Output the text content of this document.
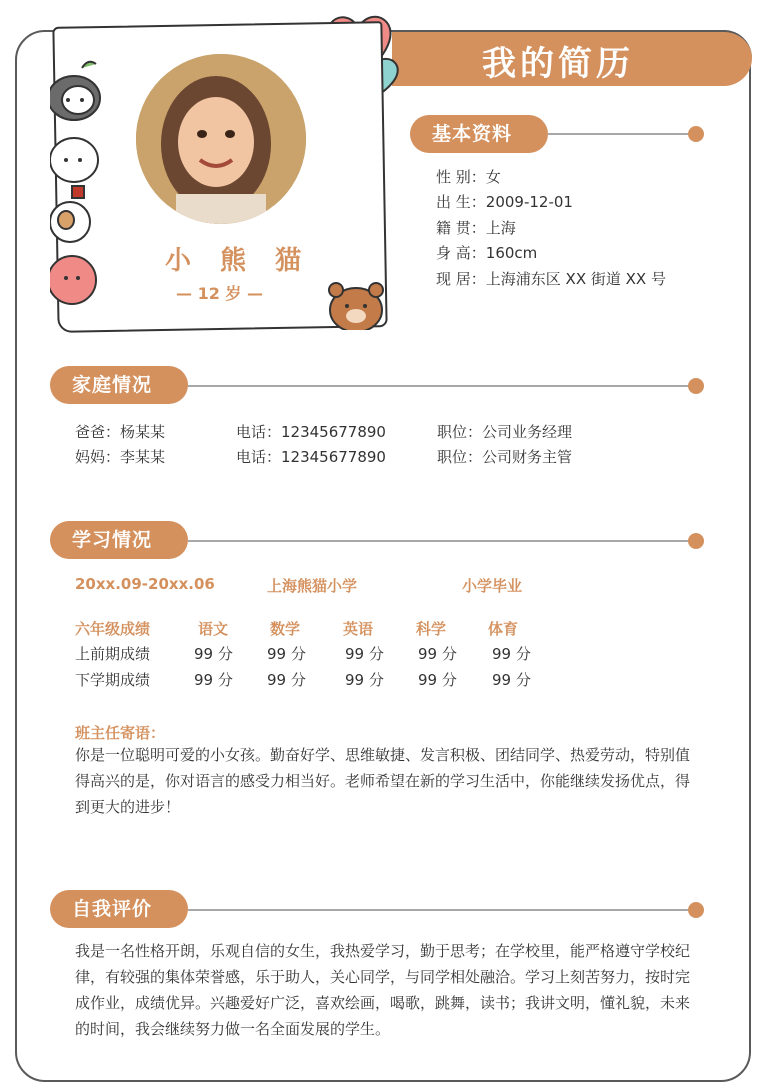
我的简历
小 熊 猫
— 12 岁 —
基本资料
性 别：女
出 生：2009-12-01
籍 贯：上海
身 高：160cm
现 居：上海浦东区 XX 街道 XX 号
家庭情况
爸爸：杨某某	电话：12345677890	职位：公司业务经理
妈妈：李某某	电话：12345677890	职位：公司财务主管
学习情况
20xx.09-20xx.06	上海熊猫小学	小学毕业
六年级成绩	语文	数学	英语	科学	体育
上前期成绩	99 分 99 分	99 分 99 分 99 分
下学期成绩	99 分 99 分	99 分 99 分 99 分
班主任寄语：
你是一位聪明可爱的小女孩。勤奋好学、思维敏捷、发言积极、团结同学、热爱劳动，特别值得高兴的是，你对语言的感受力相当好。老师希望在新的学习生活中，你能继续发扬优点，得到更大的进步！
自我评价
我是一名性格开朗，乐观自信的女生，我热爱学习，勤于思考；在学校里，能严格遵守学校纪律，有较强的集体荣誉感，乐于助人，关心同学，与同学相处融洽。学习上刻苦努力，按时完成作业，成绩优异。兴趣爱好广泛，喜欢绘画，喝歌，跳舞，读书；我讲文明，懂礼貌，未来的时间，我会继续努力做一名全面发展的学生。
